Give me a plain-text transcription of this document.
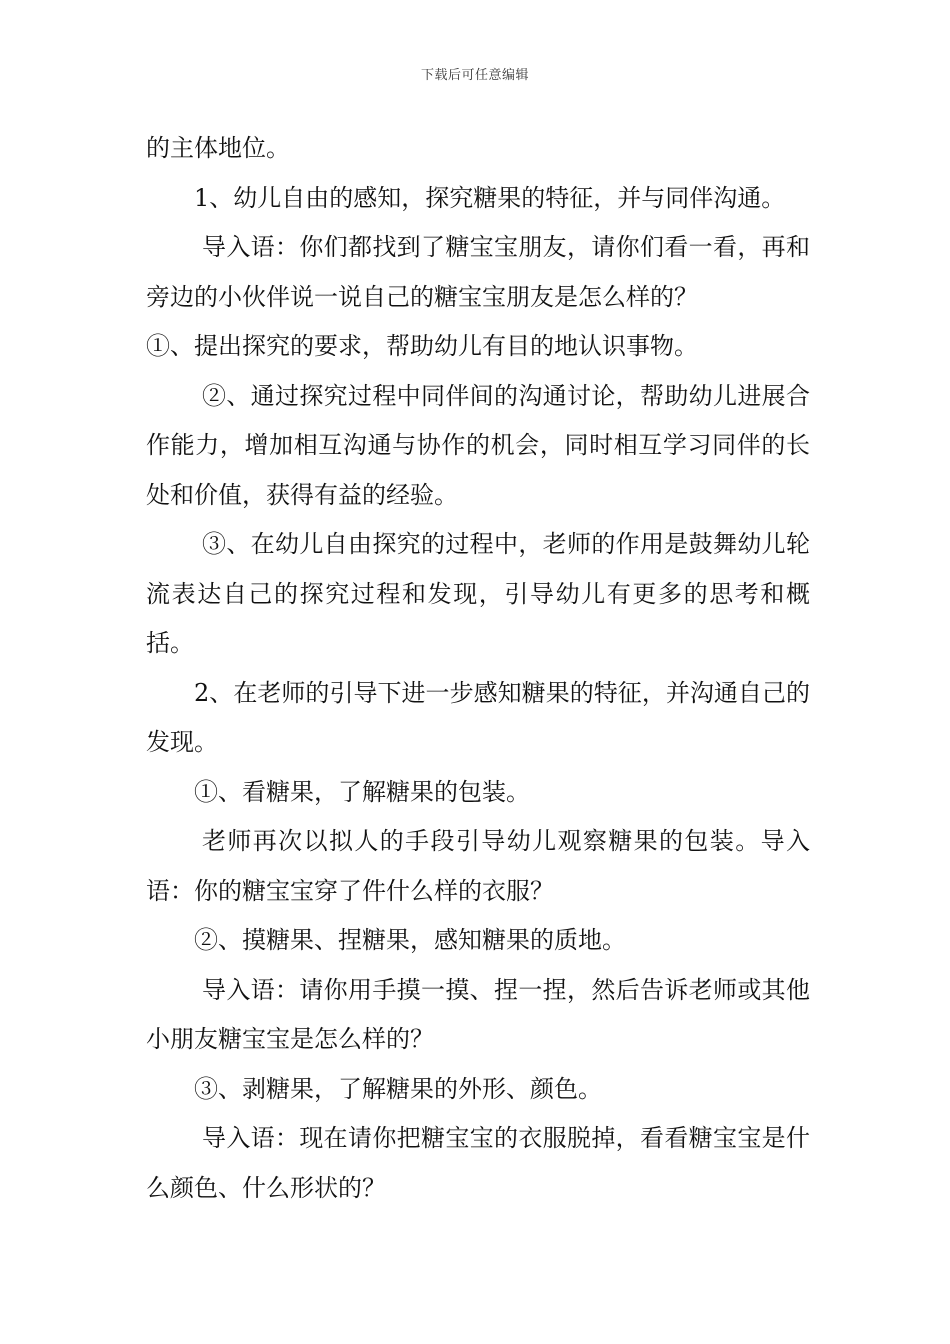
下载后可任意编辑

的主体地位。

1、幼儿自由的感知，探究糖果的特征，并与同伴沟通。

导入语：你们都找到了糖宝宝朋友，请你们看一看，再和旁边的小伙伴说一说自己的糖宝宝朋友是怎么样的？

①、提出探究的要求，帮助幼儿有目的地认识事物。

②、通过探究过程中同伴间的沟通讨论，帮助幼儿进展合作能力，增加相互沟通与协作的机会，同时相互学习同伴的长处和价值，获得有益的经验。

③、在幼儿自由探究的过程中，老师的作用是鼓舞幼儿轮流表达自己的探究过程和发现，引导幼儿有更多的思考和概括。

2、在老师的引导下进一步感知糖果的特征，并沟通自己的发现。

①、看糖果，了解糖果的包装。

老师再次以拟人的手段引导幼儿观察糖果的包装。导入语：你的糖宝宝穿了件什么样的衣服？

②、摸糖果、捏糖果，感知糖果的质地。

导入语：请你用手摸一摸、捏一捏，然后告诉老师或其他小朋友糖宝宝是怎么样的？

③、剥糖果，了解糖果的外形、颜色。

导入语：现在请你把糖宝宝的衣服脱掉，看看糖宝宝是什么颜色、什么形状的？
